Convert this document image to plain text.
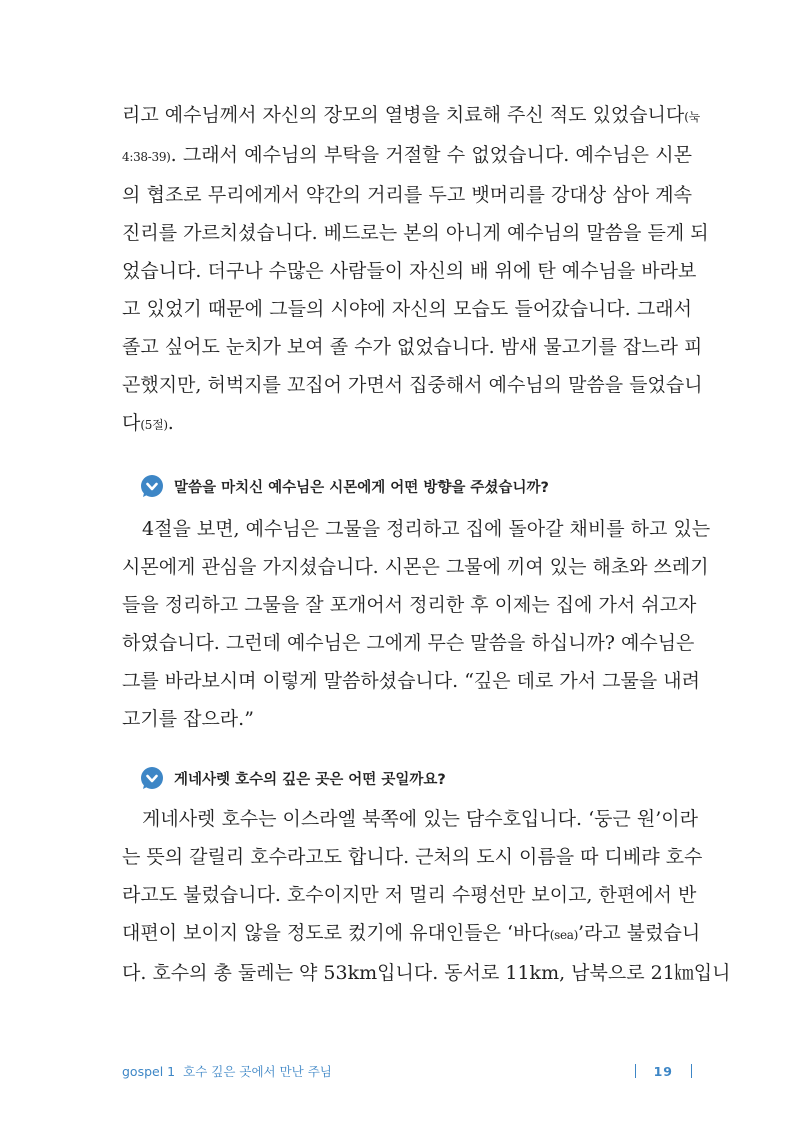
리고 예수님께서 자신의 장모의 열병을 치료해 주신 적도 있었습니다(눅
4:38-39). 그래서 예수님의 부탁을 거절할 수 없었습니다. 예수님은 시몬
의 협조로 무리에게서 약간의 거리를 두고 뱃머리를 강대상 삼아 계속
진리를 가르치셨습니다. 베드로는 본의 아니게 예수님의 말씀을 듣게 되
었습니다. 더구나 수많은 사람들이 자신의 배 위에 탄 예수님을 바라보
고 있었기 때문에 그들의 시야에 자신의 모습도 들어갔습니다. 그래서
졸고 싶어도 눈치가 보여 졸 수가 없었습니다. 밤새 물고기를 잡느라 피
곤했지만, 허벅지를 꼬집어 가면서 집중해서 예수님의 말씀을 들었습니
다(5절).
말씀을 마치신 예수님은 시몬에게 어떤 방향을 주셨습니까?
4절을 보면, 예수님은 그물을 정리하고 집에 돌아갈 채비를 하고 있는
시몬에게 관심을 가지셨습니다. 시몬은 그물에 끼여 있는 해초와 쓰레기
들을 정리하고 그물을 잘 포개어서 정리한 후 이제는 집에 가서 쉬고자
하였습니다. 그런데 예수님은 그에게 무슨 말씀을 하십니까? 예수님은
그를 바라보시며 이렇게 말씀하셨습니다. “깊은 데로 가서 그물을 내려
고기를 잡으라.”
게네사렛 호수의 깊은 곳은 어떤 곳일까요?
게네사렛 호수는 이스라엘 북쪽에 있는 담수호입니다. ‘둥근 원’이라
는 뜻의 갈릴리 호수라고도 합니다. 근처의 도시 이름을 따 디베랴 호수
라고도 불렀습니다. 호수이지만 저 멀리 수평선만 보이고, 한편에서 반
대편이 보이지 않을 정도로 컸기에 유대인들은 ‘바다(sea)’라고 불렀습니
다. 호수의 총 둘레는 약 53km입니다. 동서로 11km, 남북으로 21㎞입니
gospel 1 호수 깊은 곳에서 만난 주님	19
